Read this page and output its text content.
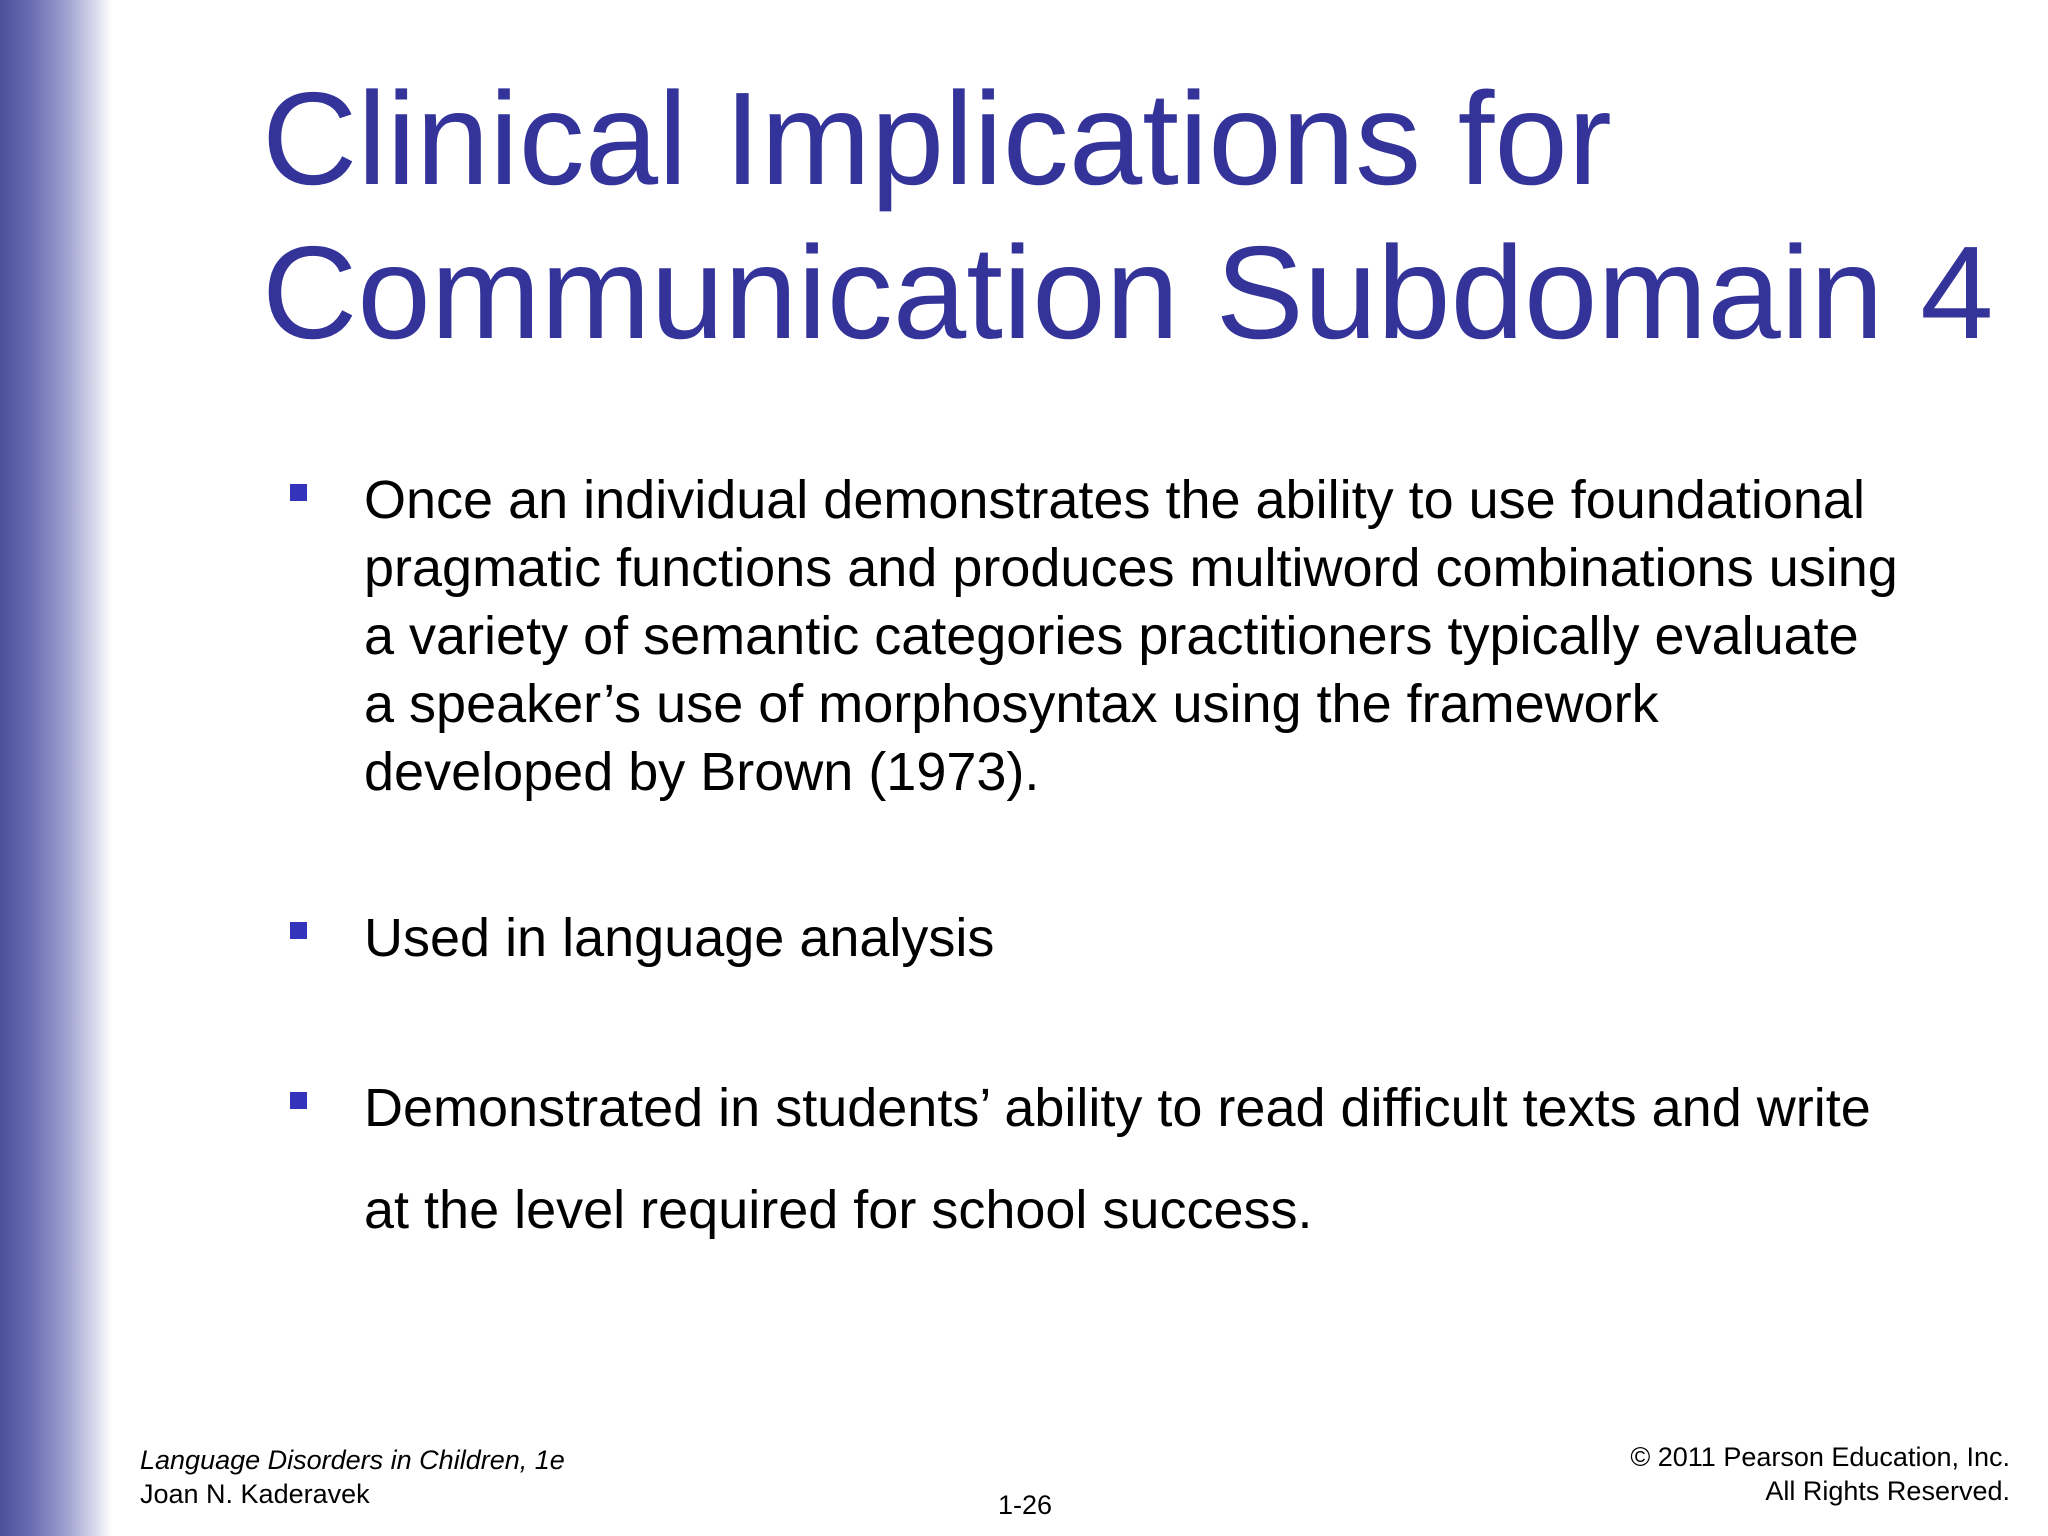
Clinical Implications for
Communication Subdomain 4
Once an individual demonstrates the ability to use foundational
pragmatic functions and produces multiword combinations using
a variety of semantic categories practitioners typically evaluate
a speaker’s use of morphosyntax using the framework
developed by Brown (1973).
Used in language analysis
Demonstrated in students’ ability to read difficult texts and write
at the level required for school success.
Language Disorders in Children, 1e
Joan N. Kaderavek	1-26
© 2011 Pearson Education, Inc.
All Rights Reserved.
